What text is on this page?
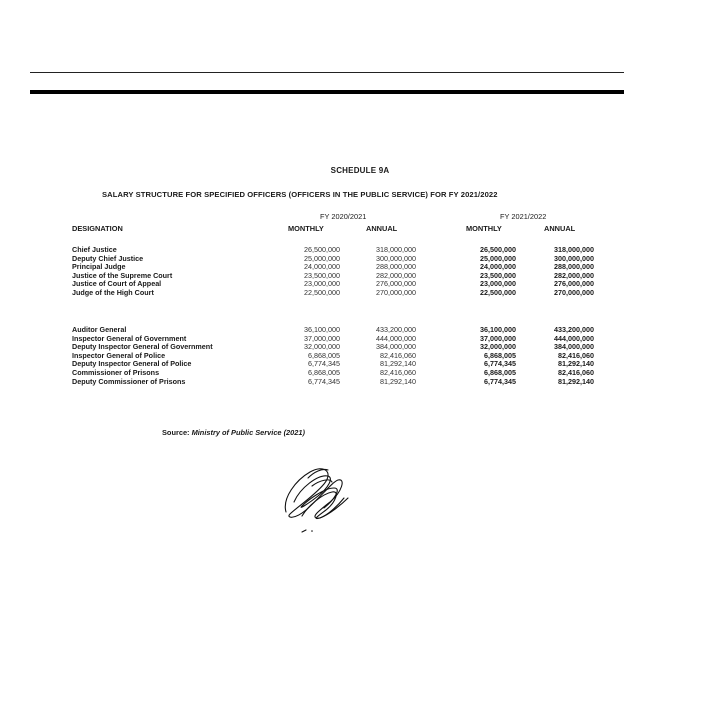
SCHEDULE 9A
SALARY STRUCTURE FOR SPECIFIED OFFICERS (OFFICERS IN THE PUBLIC SERVICE) FOR FY 2021/2022
DESIGNATION
FY 2020/2021	FY 2021/2022
MONTHLY	ANNUAL	MONTHLY	ANNUAL
Chief Justice	26,500,000	318,000,000	26,500,000	318,000,000
Deputy Chief Justice	25,000,000	300,000,000	25,000,000	300,000,000
Principal Judge	24,000,000	288,000,000	24,000,000	288,000,000
Justice of the Supreme Court	23,500,000	282,000,000	23,500,000	282,000,000
Justice of Court of Appeal	23,000,000	276,000,000	23,000,000	276,000,000
Judge of the High Court	22,500,000	270,000,000	22,500,000	270,000,000
Auditor General	36,100,000	433,200,000	36,100,000	433,200,000
Inspector General of Government	37,000,000	444,000,000	37,000,000	444,000,000
Deputy Inspector General of Government	32,000,000	384,000,000	32,000,000	384,000,000
Inspector General of Police	6,868,005	82,416,060	6,868,005	82,416,060
Deputy Inspector General of Police	6,774,345	81,292,140	6,774,345	81,292,140
Commissioner of Prisons	6,868,005	82,416,060	6,868,005	82,416,060
Deputy Commissioner of Prisons	6,774,345	81,292,140	6,774,345	81,292,140
Source: Ministry of Public Service (2021)
